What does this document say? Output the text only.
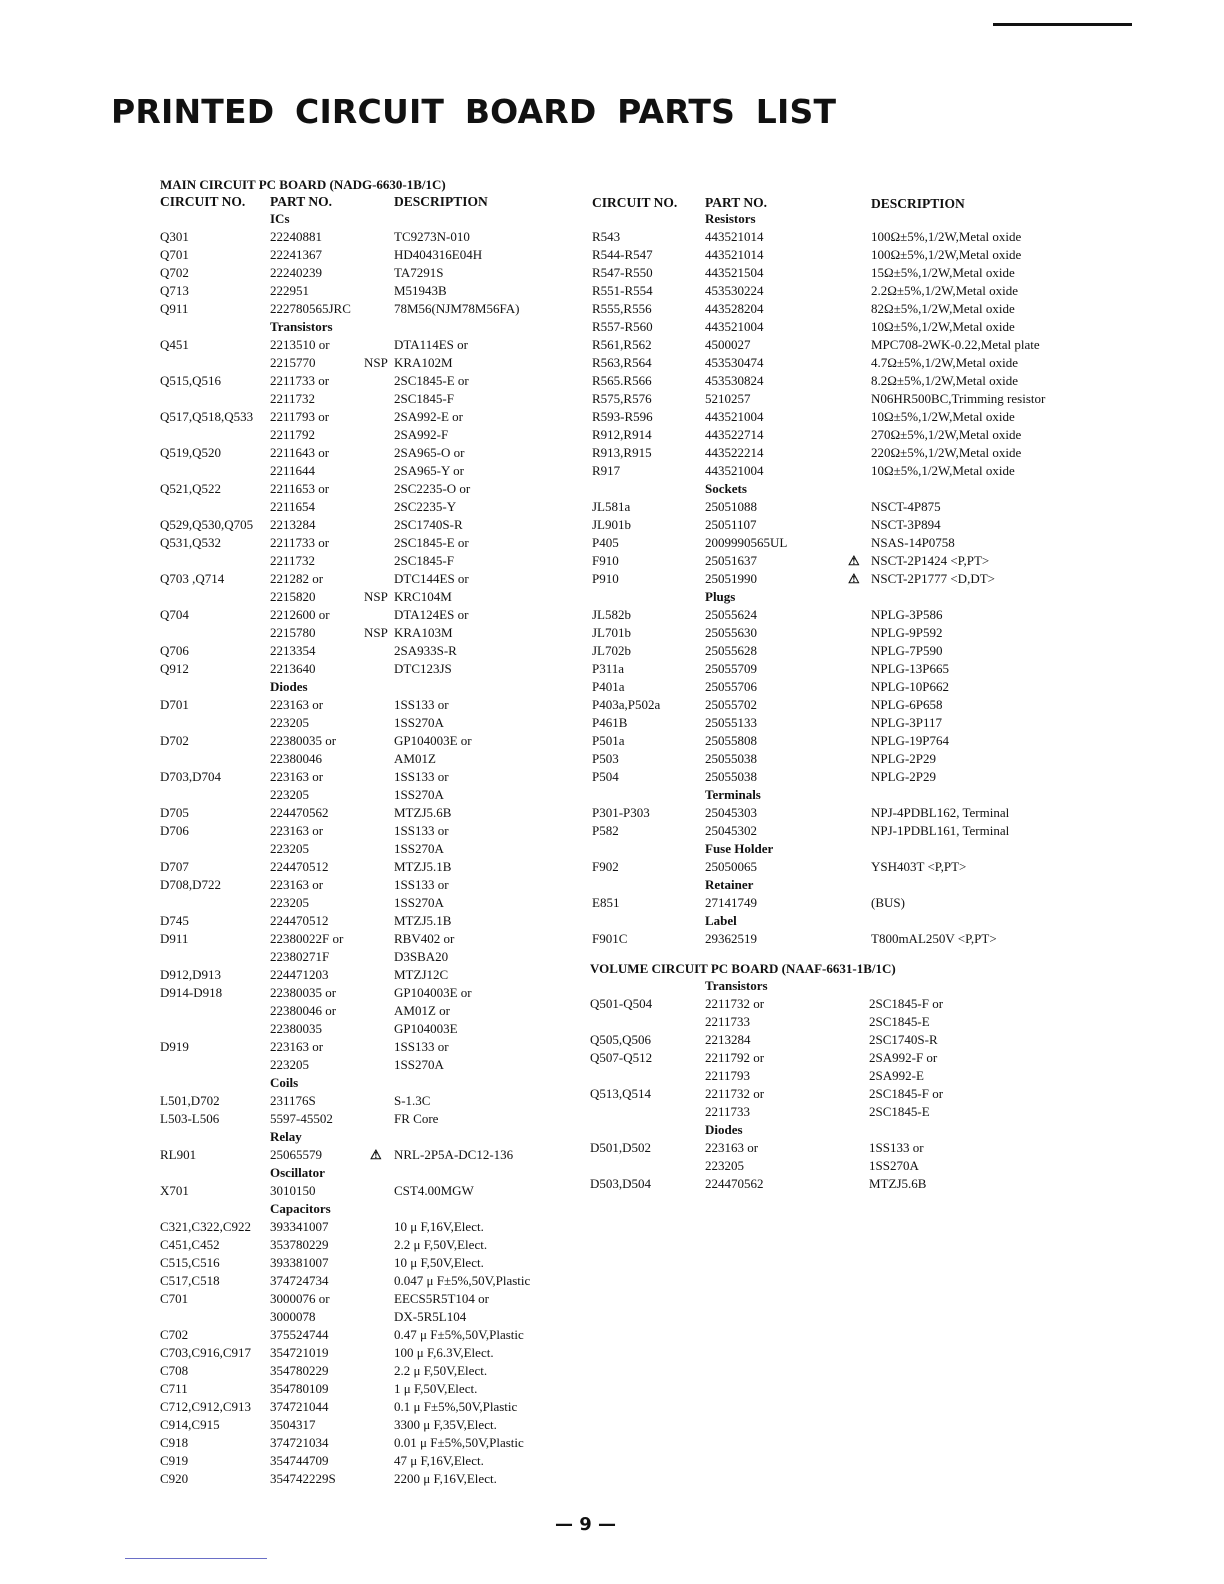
PRINTED CIRCUIT BOARD PARTS LIST
MAIN CIRCUIT PC BOARD (NADG-6630-1B/1C)
CIRCUIT NO. PART NO.	DESCRIPTION	CIRCUIT NO. PART NO.	DESCRIPTION
ICs
Q301	22240881	TC9273N-010
Q701	22241367	HD404316E04H
Q702	22240239	TA7291S
Q713	222951	M51943B
Q911	222780565JRC	78M56(NJM78M56FA)
Transistors
Q451	2213510 or	DTA114ES or
2215770	NSP KRA102M
Q515,Q516	2211733 or	2SC1845-E or
2211732	2SC1845-F
Q517,Q518,Q533 2211793 or	2SA992-E or
2211792	2SA992-F
Q519,Q520	2211643 or	2SA965-O or
2211644	2SA965-Y or
Q521,Q522	2211653 or	2SC2235-O or
2211654	2SC2235-Y
Q529,Q530,Q705 2213284	2SC1740S-R
Q531,Q532	2211733 or	2SC1845-E or
2211732	2SC1845-F
Q703 ,Q714	221282 or	DTC144ES or
2215820	NSP KRC104M
Q704	2212600 or	DTA124ES or
2215780	NSP KRA103M
Q706	2213354	2SA933S-R
Q912	2213640	DTC123JS
Diodes
D701	223163 or	1SS133 or
223205	1SS270A
D702	22380035 or	GP104003E or
22380046	AM01Z
D703,D704	223163 or	1SS133 or
223205	1SS270A
D705	224470562	MTZJ5.6B
D706	223163 or	1SS133 or
223205	1SS270A
D707	224470512	MTZJ5.1B
D708,D722	223163 or	1SS133 or
223205	1SS270A
D745	224470512	MTZJ5.1B
D911	22380022F or	RBV402 or
22380271F	D3SBA20
D912,D913	224471203	MTZJ12C
D914-D918	22380035 or	GP104003E or
22380046 or	AM01Z or
22380035	GP104003E
D919	223163 or	1SS133 or
223205	1SS270A
Coils
L501,D702	231176S	S-1.3C
L503-L506	5597-45502	FR Core
Relay
RL901	25065579	⚠ NRL-2P5A-DC12-136
Oscillator
X701	3010150	CST4.00MGW
Capacitors
C321,C322,C922 393341007	10 μ F,16V,Elect.
C451,C452	353780229	2.2 μ F,50V,Elect.
C515,C516	393381007	10 μ F,50V,Elect.
C517,C518	374724734	0.047 μ F±5%,50V,Plastic
C701	3000076 or	EECS5R5T104 or
3000078	DX-5R5L104
C702	375524744	0.47 μ F±5%,50V,Plastic
C703,C916,C917 354721019	100 μ F,6.3V,Elect.
C708	354780229	2.2 μ F,50V,Elect.
C711	354780109	1 μ F,50V,Elect.
C712,C912,C913 374721044	0.1 μ F±5%,50V,Plastic
C914,C915	3504317	3300 μ F,35V,Elect.
C918	374721034	0.01 μ F±5%,50V,Plastic
C919	354744709	47 μ F,16V,Elect.
C920	354742229S	2200 μ F,16V,Elect.
Resistors
R543	443521014	100Ω±5%,1/2W,Metal oxide
R544-R547	443521014	100Ω±5%,1/2W,Metal oxide
R547-R550	443521504	15Ω±5%,1/2W,Metal oxide
R551-R554	453530224	2.2Ω±5%,1/2W,Metal oxide
R555,R556	443528204	82Ω±5%,1/2W,Metal oxide
R557-R560	443521004	10Ω±5%,1/2W,Metal oxide
R561,R562	4500027	MPC708-2WK-0.22,Metal plate
R563,R564	453530474	4.7Ω±5%,1/2W,Metal oxide
R565.R566	453530824	8.2Ω±5%,1/2W,Metal oxide
R575,R576	5210257	N06HR500BC,Trimming resistor
R593-R596	443521004	10Ω±5%,1/2W,Metal oxide
R912,R914	443522714	270Ω±5%,1/2W,Metal oxide
R913,R915	443522214	220Ω±5%,1/2W,Metal oxide
R917	443521004	10Ω±5%,1/2W,Metal oxide
Sockets
JL581a	25051088	NSCT-4P875
JL901b	25051107	NSCT-3P894
P405	2009990565UL	NSAS-14P0758
F910	25051637	⚠ NSCT-2P1424 <P,PT>
P910	25051990	⚠ NSCT-2P1777 <D,DT>
Plugs
JL582b	25055624	NPLG-3P586
JL701b	25055630	NPLG-9P592
JL702b	25055628	NPLG-7P590
P311a	25055709	NPLG-13P665
P401a	25055706	NPLG-10P662
P403a,P502a	25055702	NPLG-6P658
P461B	25055133	NPLG-3P117
P501a	25055808	NPLG-19P764
P503	25055038	NPLG-2P29
P504	25055038	NPLG-2P29
Terminals
P301-P303	25045303	NPJ-4PDBL162, Terminal
P582	25045302	NPJ-1PDBL161, Terminal
Fuse Holder
F902	25050065	YSH403T <P,PT>
Retainer
E851	27141749	(BUS)
Label
F901C	29362519	T800mAL250V <P,PT>
VOLUME CIRCUIT PC BOARD (NAAF-6631-1B/1C)
Transistors
Q501-Q504	2211732 or	2SC1845-F or
2211733	2SC1845-E
Q505,Q506	2213284	2SC1740S-R
Q507-Q512	2211792 or	2SA992-F or
2211793	2SA992-E
Q513,Q514	2211732 or	2SC1845-F or
2211733	2SC1845-E
Diodes
D501,D502	223163 or	1SS133 or
223205	1SS270A
D503,D504	224470562	MTZJ5.6B
— 9 —
